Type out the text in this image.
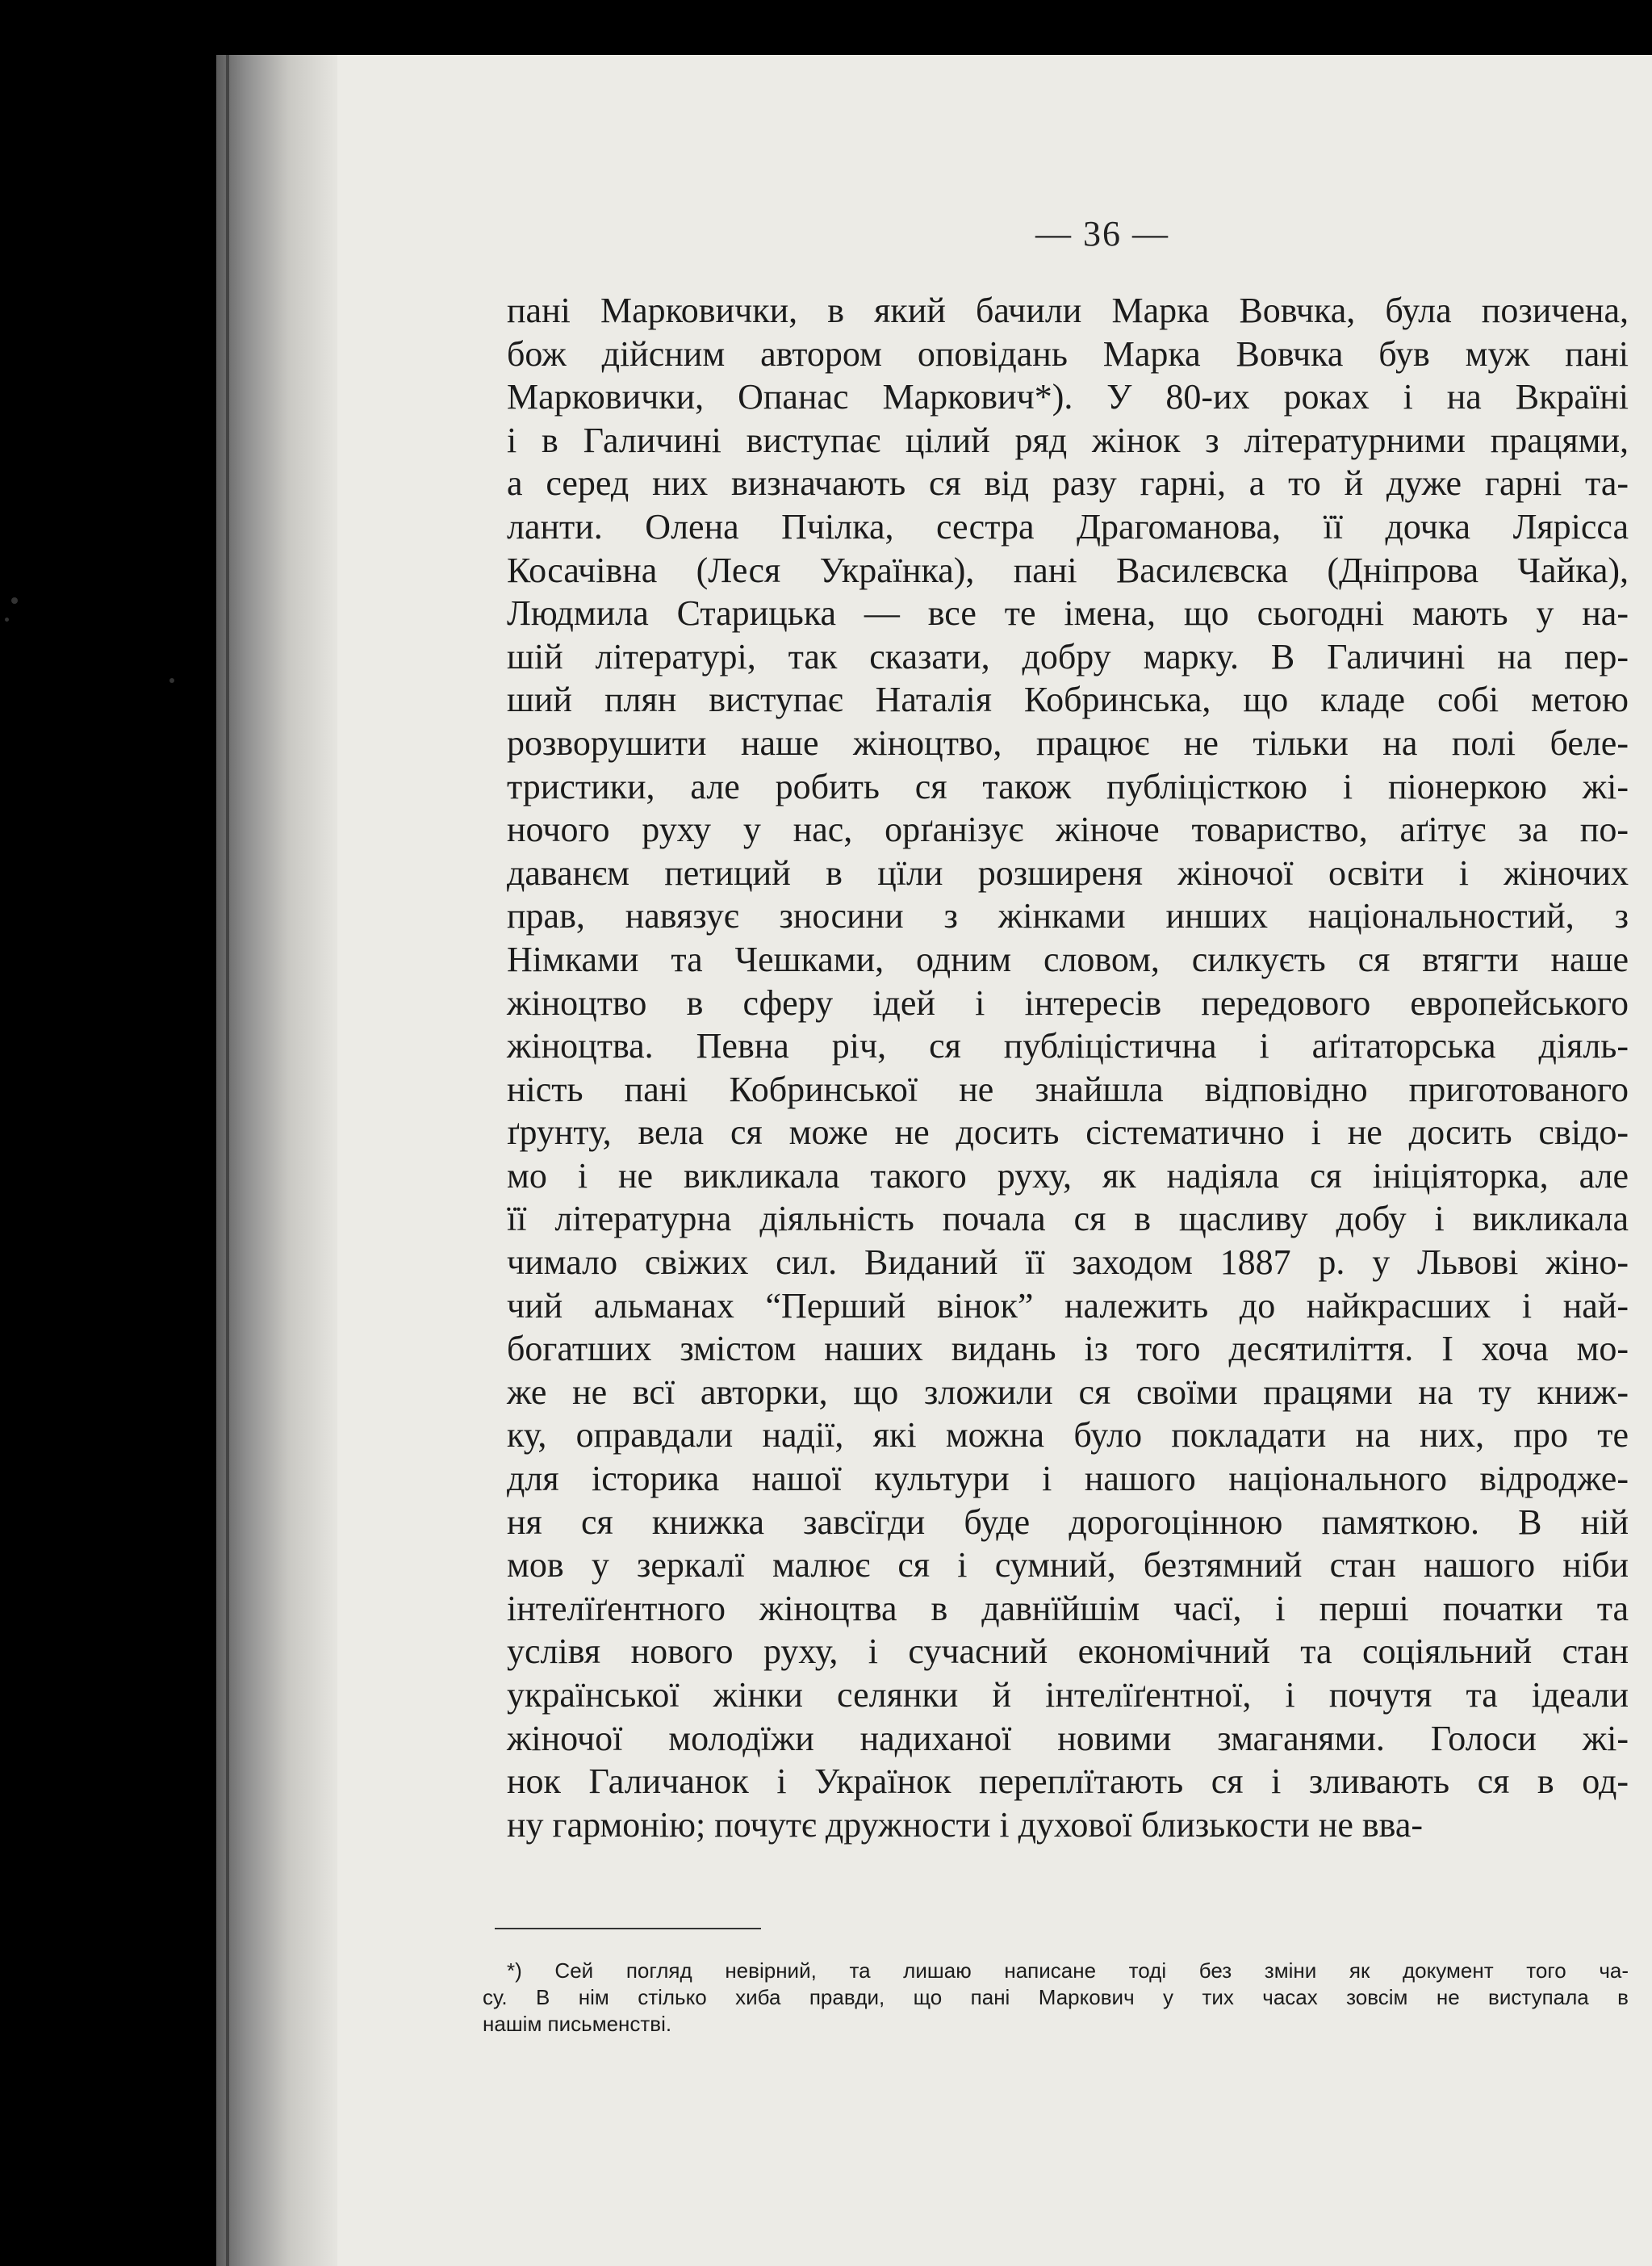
— 36 —
пані Марковички, в який бачили Марка Вовчка, була позичена,
бож дійсним автором оповідань Марка Вовчка був муж пані
Марковички, Опанас Маркович*). У 80-их роках і на Вкраїні
і в Галичині виступає цілий ряд жінок з літературними працями,
а серед них визначають ся від разу гарні, а то й дуже гарні та-
ланти. Олена Пчілка, сестра Драгоманова, її дочка Лярісса
Косачівна (Леся Українка), пані Василєвска (Дніпрова Чайка),
Людмила Старицька — все те імена, що сьогодні мають у на-
шій літературі, так сказати, добру марку. В Галичині на пер-
ший плян виступає Наталія Кобринська, що кладе собі метою
розворушити наше жіноцтво, працює не тільки на полі беле-
тристики, але робить ся також публіцісткою і піонеркою жі-
ночого руху у нас, орґанізує жіноче товариство, аґітує за по-
даванєм петиций в цїли розширеня жіночої освіти і жіночих
прав, навязує зносини з жінками инших національностий, з
Німками та Чешками, одним словом, силкуєть ся втягти наше
жіноцтво в сферу ідей і інтересів передового европейського
жіноцтва. Певна річ, ся публіцістична і аґітаторська діяль-
ність пані Кобринської не знайшла відповідно приготованого
ґрунту, вела ся може не досить сістематично і не досить свідо-
мо і не викликала такого руху, як надіяла ся ініціяторка, але
її літературна діяльність почала ся в щасливу добу і викликала
чимало свіжих сил. Виданий її заходом 1887 р. у Львові жіно-
чий альманах “Перший вінок” належить до найкрасших і най-
богатших змістом наших видань із того десятиліття. І хоча мо-
же не всї авторки, що зложили ся своїми працями на ту книж-
ку, оправдали надії, які можна було покладати на них, про те
для історика нашої культури і нашого національного відродже-
ня ся книжка завсїгди буде дорогоцінною памяткою. В ній
мов у зеркалї малює ся і сумний, безтямний стан нашого ніби
інтелїґентного жіноцтва в давнїйшім часї, і перші початки та
услівя нового руху, і сучасний економічний та соціяльний стан
української жінки селянки й інтелїґентної, і почутя та ідеали
жіночої молодїжи надиханої новими змаганями. Голоси жі-
нок Галичанок і Українок переплїтають ся і зливають ся в од-
ну гармонію; почутє дружности і духової близькости не вва-
*) Сей погляд невірний, та лишаю написане тоді без зміни як документ того ча-
су. В нім стілько хиба правди, що пані Маркович у тих часах зовсім не виступала в
нашім письменстві.
